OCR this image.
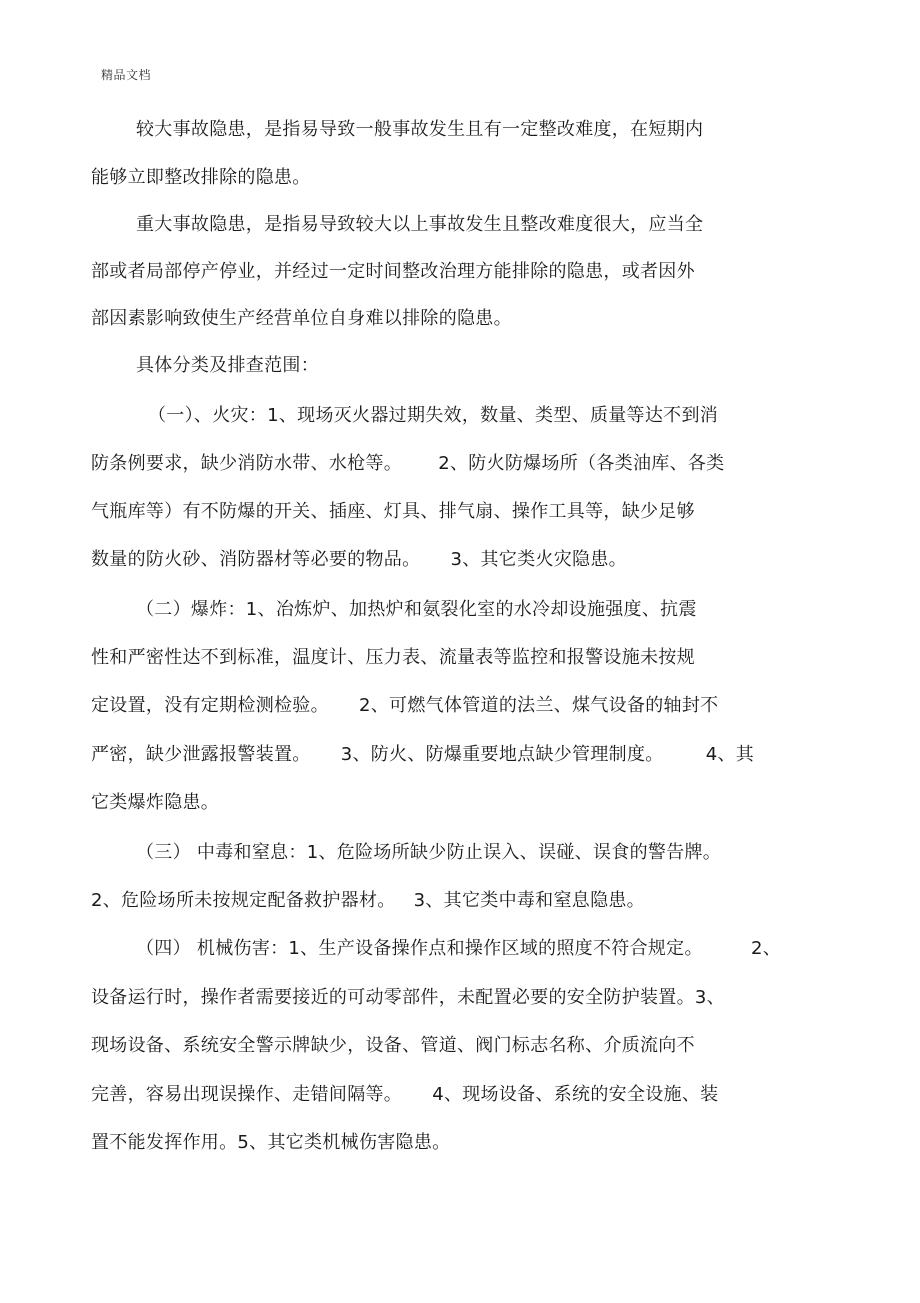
精品文档
较大事故隐患，是指易导致一般事故发生且有一定整改难度，在短期内
能够立即整改排除的隐患。
重大事故隐患，是指易导致较大以上事故发生且整改难度很大，应当全
部或者局部停产停业，并经过一定时间整改治理方能排除的隐患，或者因外
部因素影响致使生产经营单位自身难以排除的隐患。
具体分类及排查范围：
（一）、火灾：1、现场灭火器过期失效，数量、类型、质量等达不到消
防条例要求，缺少消防水带、水枪等。      2、防火防爆场所（各类油库、各类
气瓶库等）有不防爆的开关、插座、灯具、排气扇、操作工具等，缺少足够
数量的防火砂、消防器材等必要的物品。     3、其它类火灾隐患。
（二）爆炸：1、冶炼炉、加热炉和氨裂化室的水冷却设施强度、抗震
性和严密性达不到标准，温度计、压力表、流量表等监控和报警设施未按规
定设置，没有定期检测检验。     2、可燃气体管道的法兰、煤气设备的轴封不
严密，缺少泄露报警装置。     3、防火、防爆重要地点缺少管理制度。       4、其
它类爆炸隐患。
（三） 中毒和窒息：1、危险场所缺少防止误入、误碰、误食的警告牌。
2、危险场所未按规定配备救护器材。   3、其它类中毒和窒息隐患。
（四） 机械伤害：1、生产设备操作点和操作区域的照度不符合规定。        2、
设备运行时，操作者需要接近的可动零部件，未配置必要的安全防护装置。3、
现场设备、系统安全警示牌缺少，设备、管道、阀门标志名称、介质流向不
完善，容易出现误操作、走错间隔等。     4、现场设备、系统的安全设施、装
置不能发挥作用。5、其它类机械伤害隐患。
